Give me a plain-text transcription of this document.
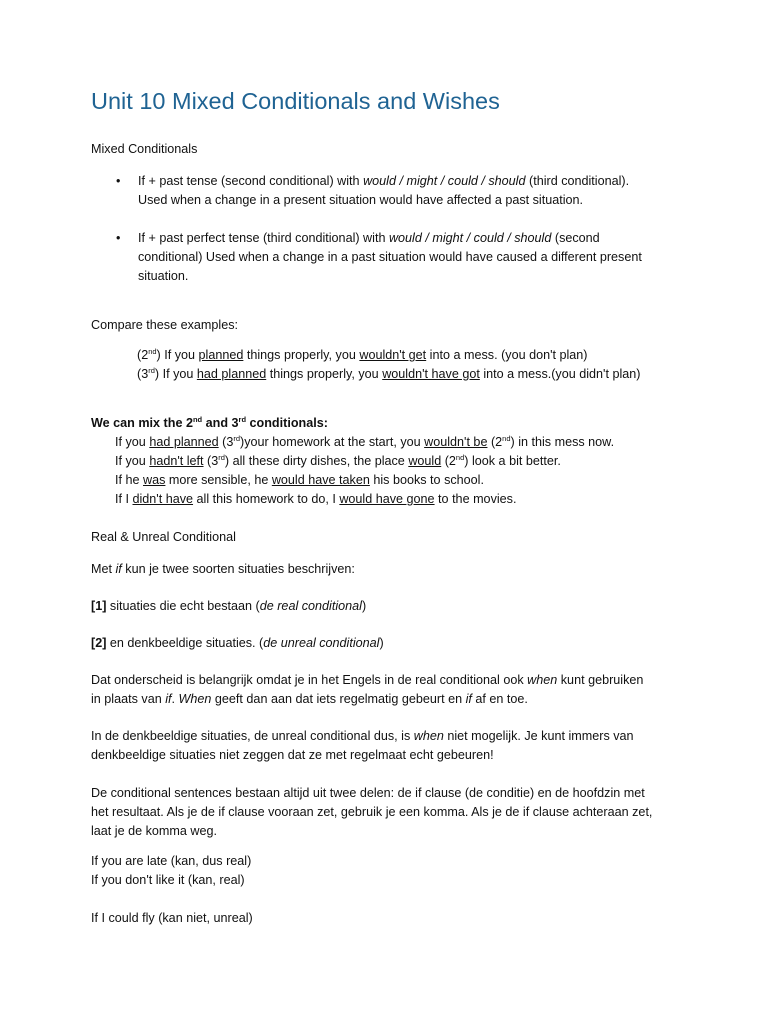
Unit 10 Mixed Conditionals and Wishes
Mixed Conditionals
• If + past tense (second conditional) with would / might / could / should (third conditional).
Used when a change in a present situation would have affected a past situation.
• If + past perfect tense (third conditional) with would / might / could / should (second
conditional) Used when a change in a past situation would have caused a different present
situation.
Compare these examples:
(2nd) If you planned things properly, you wouldn't get into a mess. (you don't plan)
(3rd) If you had planned things properly, you wouldn't have got into a mess.(you didn't plan)
We can mix the 2nd and 3rd conditionals:
If you had planned (3rd)your homework at the start, you wouldn't be (2nd) in this mess now.
If you hadn't left (3rd) all these dirty dishes, the place would (2nd) look a bit better.
If he was more sensible, he would have taken his books to school.
If I didn't have all this homework to do, I would have gone to the movies.
Real & Unreal Conditional
Met if kun je twee soorten situaties beschrijven:
[1] situaties die echt bestaan (de real conditional)
[2] en denkbeeldige situaties. (de unreal conditional)
Dat onderscheid is belangrijk omdat je in het Engels in de real conditional ook when kunt gebruiken
in plaats van if. When geeft dan aan dat iets regelmatig gebeurt en if af en toe.
In de denkbeeldige situaties, de unreal conditional dus, is when niet mogelijk. Je kunt immers van
denkbeeldige situaties niet zeggen dat ze met regelmaat echt gebeuren!
De conditional sentences bestaan altijd uit twee delen: de if clause (de conditie) en de hoofdzin met
het resultaat. Als je de if clause vooraan zet, gebruik je een komma. Als je de if clause achteraan zet,
laat je de komma weg.
If you are late (kan, dus real)
If you don't like it (kan, real)
If I could fly (kan niet, unreal)
